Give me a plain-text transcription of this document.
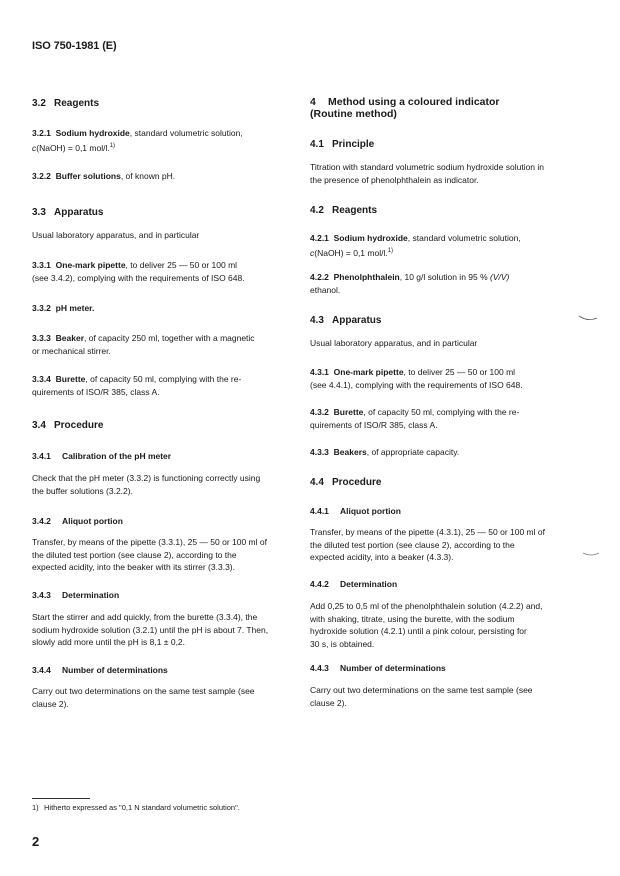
ISO 750-1981 (E)
3.2 Reagents
3.2.1 Sodium hydroxide, standard volumetric solution,
c(NaOH) = 0,1 mol/l.$^{1)}$
3.2.2 Buffer solutions, of known pH.
3.3 Apparatus
Usual laboratory apparatus, and in particular
3.3.1 One-mark pipette, to deliver 25 — 50 or 100 ml
(see 3.4.2), complying with the requirements of ISO 648.
3.3.2 pH meter.
3.3.3 Beaker, of capacity 250 ml, together with a magnetic
or mechanical stirrer.
3.3.4 Burette, of capacity 50 ml, complying with the re-
quirements of ISO/R 385, class A.
3.4 Procedure
3.4.1 Calibration of the pH meter
Check that the pH meter (3.3.2) is functioning correctly using
the buffer solutions (3.2.2).
3.4.2 Aliquot portion
Transfer, by means of the pipette (3.3.1), 25 — 50 or 100 ml of
the diluted test portion (see clause 2), according to the
expected acidity, into the beaker with its stirrer (3.3.3).
3.4.3 Determination
Start the stirrer and add quickly, from the burette (3.3.4), the
sodium hydroxide solution (3.2.1) until the pH is about 7. Then,
slowly add more until the pH is 8,1 ± 0,2.
3.4.4 Number of determinations
Carry out two determinations on the same test sample (see
clause 2).
4 Method using a coloured indicator
(Routine method)
4.1 Principle
Titration with standard volumetric sodium hydroxide solution in
the presence of phenolphthalein as indicator.
4.2 Reagents
4.2.1 Sodium hydroxide, standard volumetric solution,
c(NaOH) = 0,1 mol/l.$^{1)}$
4.2.2 Phenolphthalein, 10 g/l solution in 95 % (V/V)
ethanol.
4.3 Apparatus
Usual laboratory apparatus, and in particular
4.3.1 One-mark pipette, to deliver 25 — 50 or 100 ml
(see 4.4.1), complying with the requirements of ISO 648.
4.3.2 Burette, of capacity 50 ml, complying with the re-
quirements of ISO/R 385, class A.
4.3.3 Beakers, of appropriate capacity.
4.4 Procedure
4.4.1 Aliquot portion
Transfer, by means of the pipette (4.3.1), 25 — 50 or 100 ml of
the diluted test portion (see clause 2), according to the
expected acidity, into a beaker (4.3.3).
4.4.2 Determination
Add 0,25 to 0,5 ml of the phenolphthalein solution (4.2.2) and,
with shaking, titrate, using the burette, with the sodium
hydroxide solution (4.2.1) until a pink colour, persisting for
30 s, is obtained.
4.4.3 Number of determinations
Carry out two determinations on the same test sample (see
clause 2).
1) Hitherto expressed as "0,1 N standard volumetric solution".
2
